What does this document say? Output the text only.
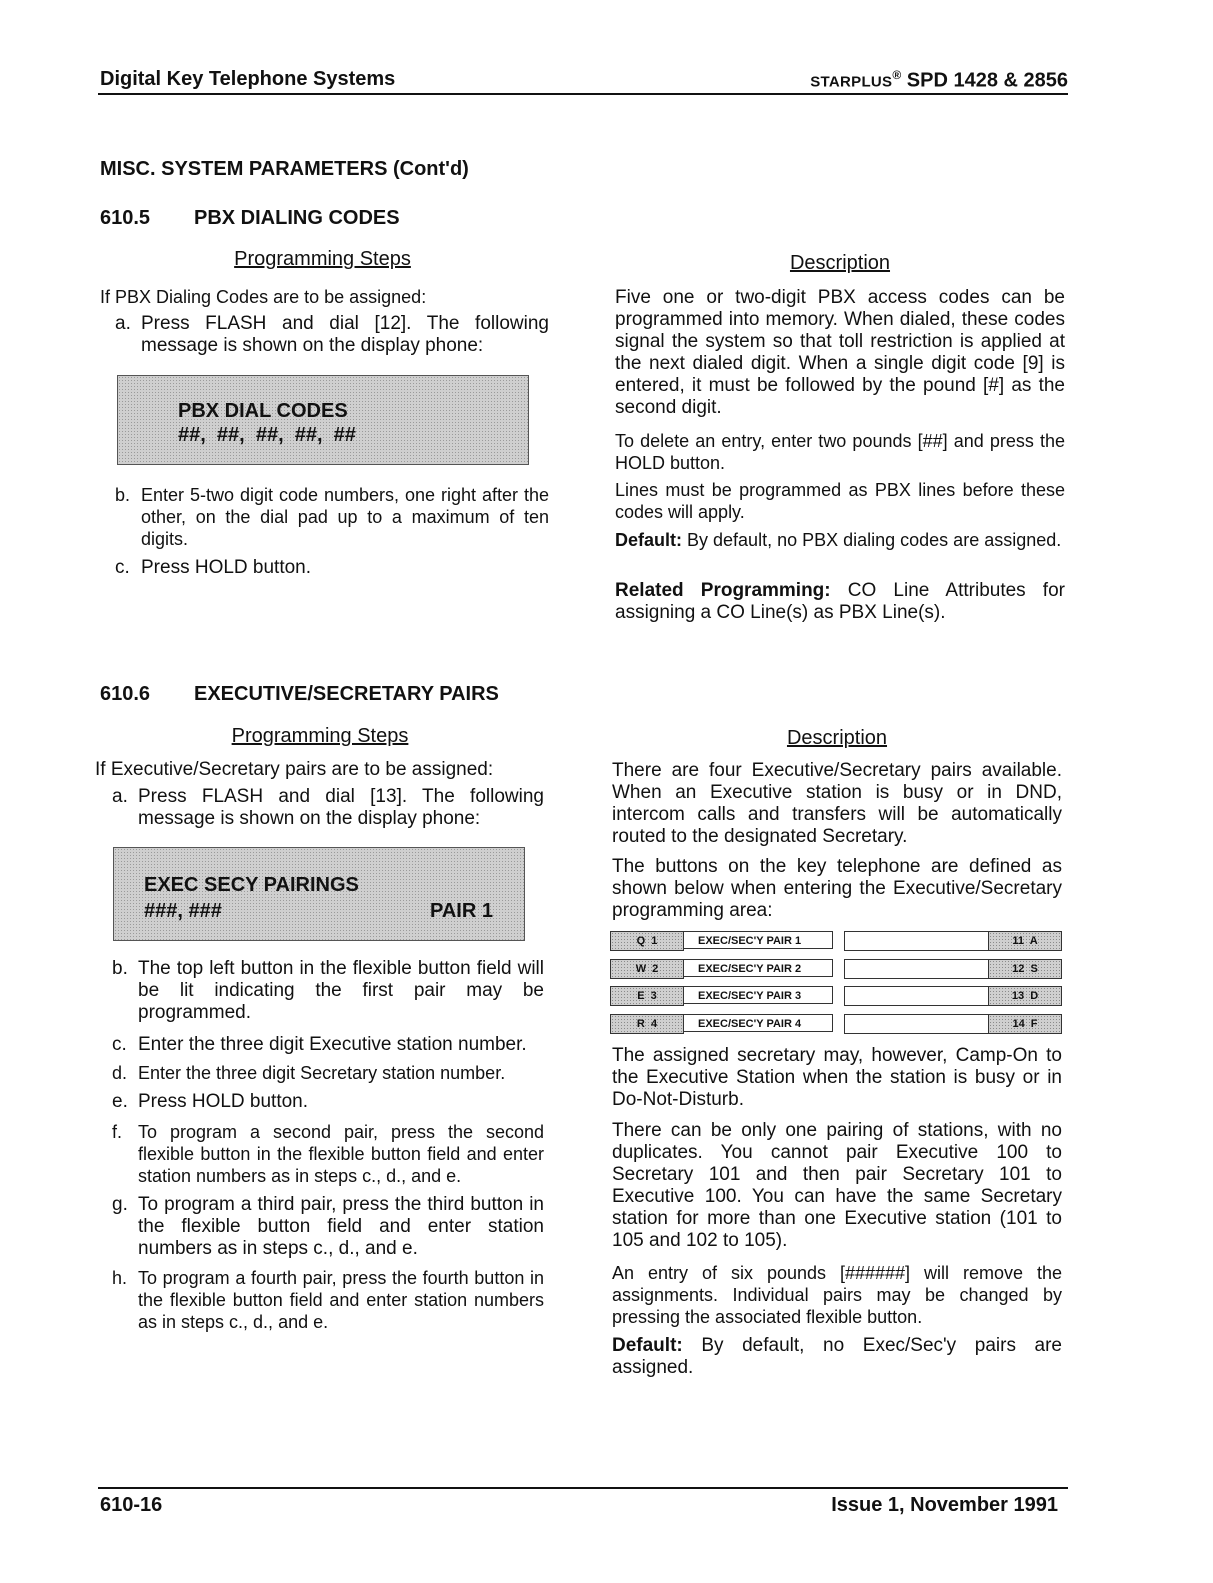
Digital Key Telephone Systems	STARPLUS® SPD 1428 & 2856
MISC. SYSTEM PARAMETERS (Cont'd)
610.5 PBX DIALING CODES
Programming Steps	Description
If PBX Dialing Codes are to be assigned:
a. Press FLASH and dial [12]. The following message is shown on the display phone:
PBX DIAL CODES
##,  ##,  ##,  ##,  ##
b. Enter 5-two digit code numbers, one right after the other, on the dial pad up to a maximum of ten digits.
c. Press HOLD button.
Five one or two-digit PBX access codes can be programmed into memory. When dialed, these codes signal the system so that toll restriction is applied at the next dialed digit. When a single digit code [9] is entered, it must be followed by the pound [#] as the second digit.
To delete an entry, enter two pounds [##] and press the HOLD button.
Lines must be programmed as PBX lines before these codes will apply.
Default: By default, no PBX dialing codes are assigned.
Related Programming: CO Line Attributes for assigning a CO Line(s) as PBX Line(s).
610.6 EXECUTIVE/SECRETARY PAIRS
Programming Steps	Description
If Executive/Secretary pairs are to be assigned:
a. Press FLASH and dial [13]. The following message is shown on the display phone:
EXEC SECY PAIRINGS
###, ###	PAIR 1
b. The top left button in the flexible button field will be lit indicating the first pair may be programmed.
c. Enter the three digit Executive station number.
d. Enter the three digit Secretary station number.
e. Press HOLD button.
f. To program a second pair, press the second flexible button in the flexible button field and enter station numbers as in steps c., d., and e.
g. To program a third pair, press the third button in the flexible button field and enter station numbers as in steps c., d., and e.
h. To program a fourth pair, press the fourth button in the flexible button field and enter station numbers as in steps c., d., and e.
There are four Executive/Secretary pairs available. When an Executive station is busy or in DND, intercom calls and transfers will be automatically routed to the designated Secretary.
The buttons on the key telephone are defined as shown below when entering the Executive/Secretary programming area:
Q  1	EXEC/SEC'Y PAIR 1	11  A
W  2	EXEC/SEC'Y PAIR 2	12  S
E  3	EXEC/SEC'Y PAIR 3	13  D
R  4	EXEC/SEC'Y PAIR 4	14  F
The assigned secretary may, however, Camp-On to the Executive Station when the station is busy or in Do-Not-Disturb.
There can be only one pairing of stations, with no duplicates. You cannot pair Executive 100 to Secretary 101 and then pair Secretary 101 to Executive 100. You can have the same Secretary station for more than one Executive station (101 to 105 and 102 to 105).
An entry of six pounds [######] will remove the assignments. Individual pairs may be changed by pressing the associated flexible button.
Default: By default, no Exec/Sec'y pairs are assigned.
610-16	Issue 1, November 1991
